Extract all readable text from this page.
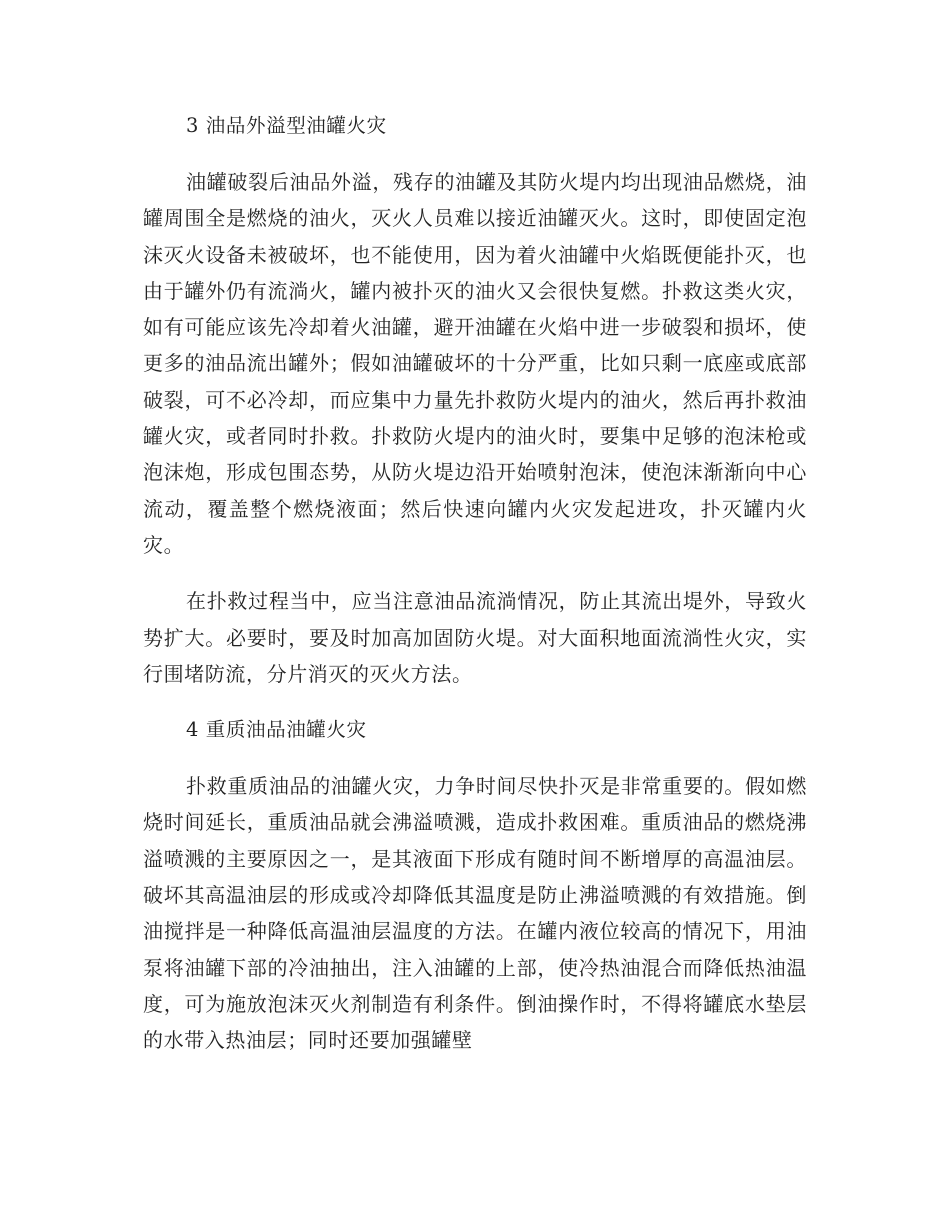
3 油品外溢型油罐火灾
油罐破裂后油品外溢，残存的油罐及其防火堤内均出现油品燃烧，油罐周围全是燃烧的油火，灭火人员难以接近油罐灭火。这时，即使固定泡沫灭火设备未被破坏，也不能使用，因为着火油罐中火焰既便能扑灭，也由于罐外仍有流淌火，罐内被扑灭的油火又会很快复燃。扑救这类火灾，如有可能应该先冷却着火油罐，避开油罐在火焰中进一步破裂和损坏，使更多的油品流出罐外；假如油罐破坏的十分严重，比如只剩一底座或底部破裂，可不必冷却，而应集中力量先扑救防火堤内的油火，然后再扑救油罐火灾，或者同时扑救。扑救防火堤内的油火时，要集中足够的泡沫枪或泡沫炮，形成包围态势，从防火堤边沿开始喷射泡沫，使泡沫渐渐向中心流动，覆盖整个燃烧液面；然后快速向罐内火灾发起进攻，扑灭罐内火灾。
在扑救过程当中，应当注意油品流淌情况，防止其流出堤外，导致火势扩大。必要时，要及时加高加固防火堤。对大面积地面流淌性火灾，实行围堵防流，分片消灭的灭火方法。
4 重质油品油罐火灾
扑救重质油品的油罐火灾，力争时间尽快扑灭是非常重要的。假如燃烧时间延长，重质油品就会沸溢喷溅，造成扑救困难。重质油品的燃烧沸溢喷溅的主要原因之一，是其液面下形成有随时间不断增厚的高温油层。破坏其高温油层的形成或冷却降低其温度是防止沸溢喷溅的有效措施。倒油搅拌是一种降低高温油层温度的方法。在罐内液位较高的情况下，用油泵将油罐下部的冷油抽出，注入油罐的上部，使冷热油混合而降低热油温度，可为施放泡沫灭火剂制造有利条件。倒油操作时，不得将罐底水垫层的水带入热油层；同时还要加强罐壁
